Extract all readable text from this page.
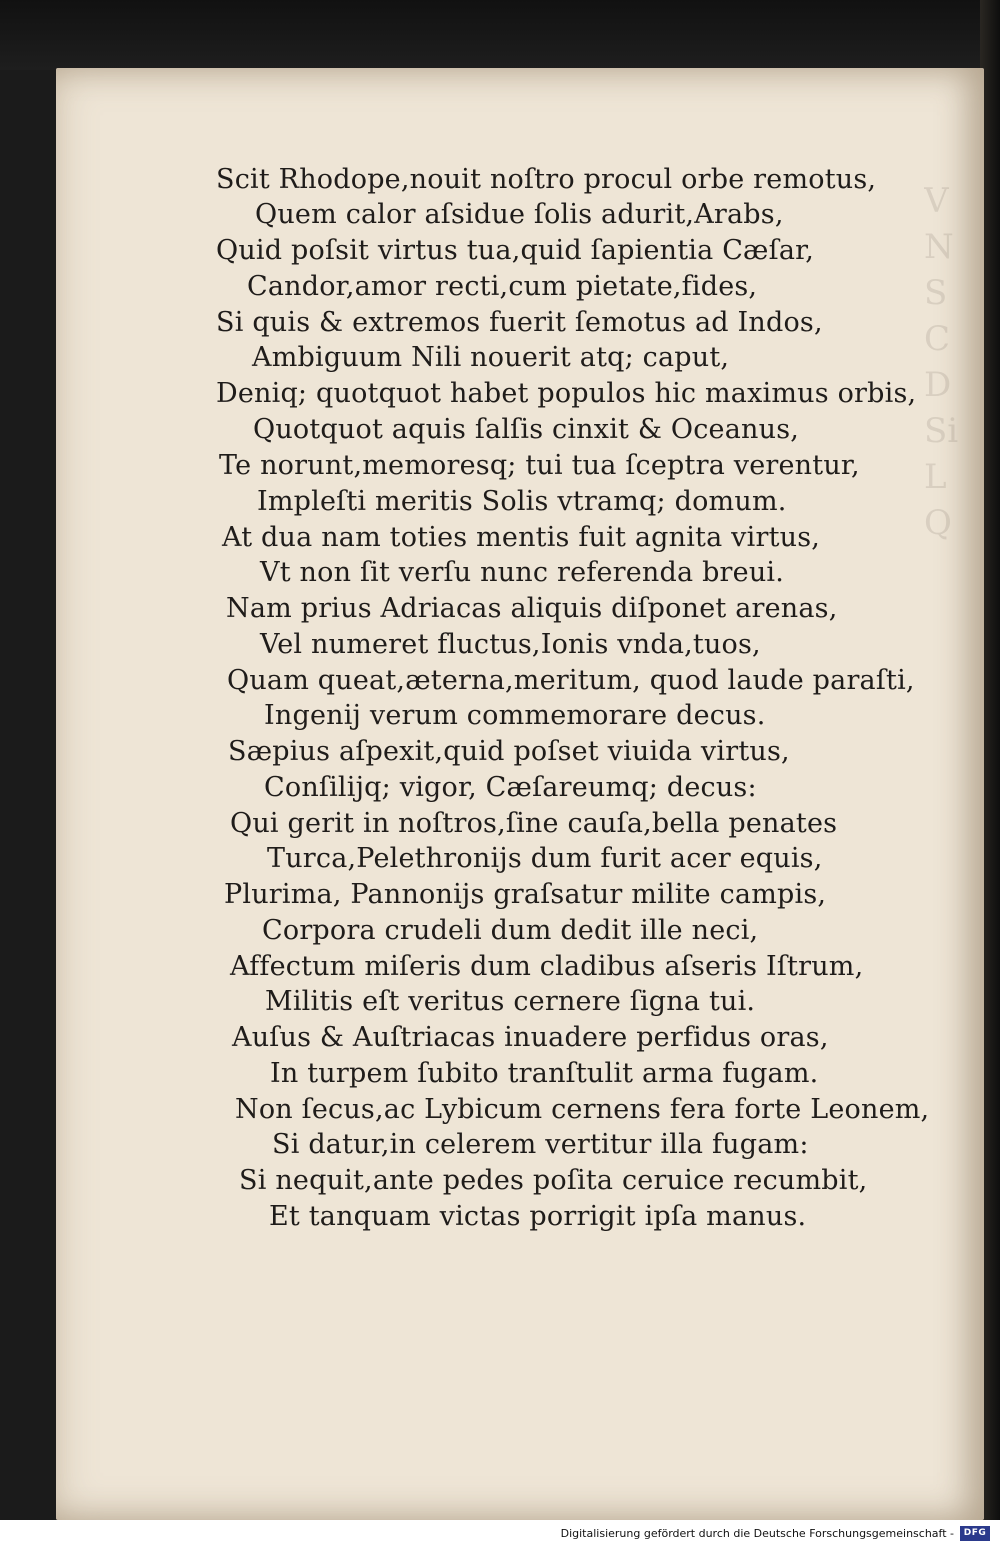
V
N
S
C
D
Si
L
Q
Scit Rhodope,nouit noſtro procul orbe remotus,
Quem calor aſsidue ſolis adurit,Arabs,
Quid poſsit virtus tua,quid ſapientia Cæſar,
Candor,amor recti,cum pietate,fides,
Si quis & extremos fuerit ſemotus ad Indos,
Ambiguum Nili nouerit atq; caput,
Deniq; quotquot habet populos hic maximus orbis,
Quotquot aquis ſalſis cinxit & Oceanus,
Te norunt,memoresq; tui tua ſceptra verentur,
Impleſti meritis Solis vtramq; domum.
At dua nam toties mentis fuit agnita virtus,
Vt non ſit verſu nunc referenda breui.
Nam prius Adriacas aliquis diſponet arenas,
Vel numeret fluctus,Ionis vnda,tuos,
Quam queat,æterna,meritum, quod laude paraſti,
Ingenij verum commemorare decus.
Sæpius aſpexit,quid poſset viuida virtus,
Conſilijq; vigor, Cæſareumq; decus:
Qui gerit in noſtros,ſine cauſa,bella penates
Turca,Pelethronijs dum furit acer equis,
Plurima, Pannonijs graſsatur milite campis,
Corpora crudeli dum dedit ille neci,
Affectum miſeris dum cladibus aſseris Iſtrum,
Militis eſt veritus cernere ſigna tui.
Auſus & Auſtriacas inuadere perfidus oras,
In turpem ſubito tranſtulit arma fugam.
Non ſecus,ac Lybicum cernens fera forte Leonem,
Si datur,in celerem vertitur illa fugam:
Si nequit,ante pedes poſita ceruice recumbit,
Et tanquam victas porrigit ipſa manus.
Digitalisierung gefördert durch die Deutsche Forschungsgemeinschaft -	DFG
